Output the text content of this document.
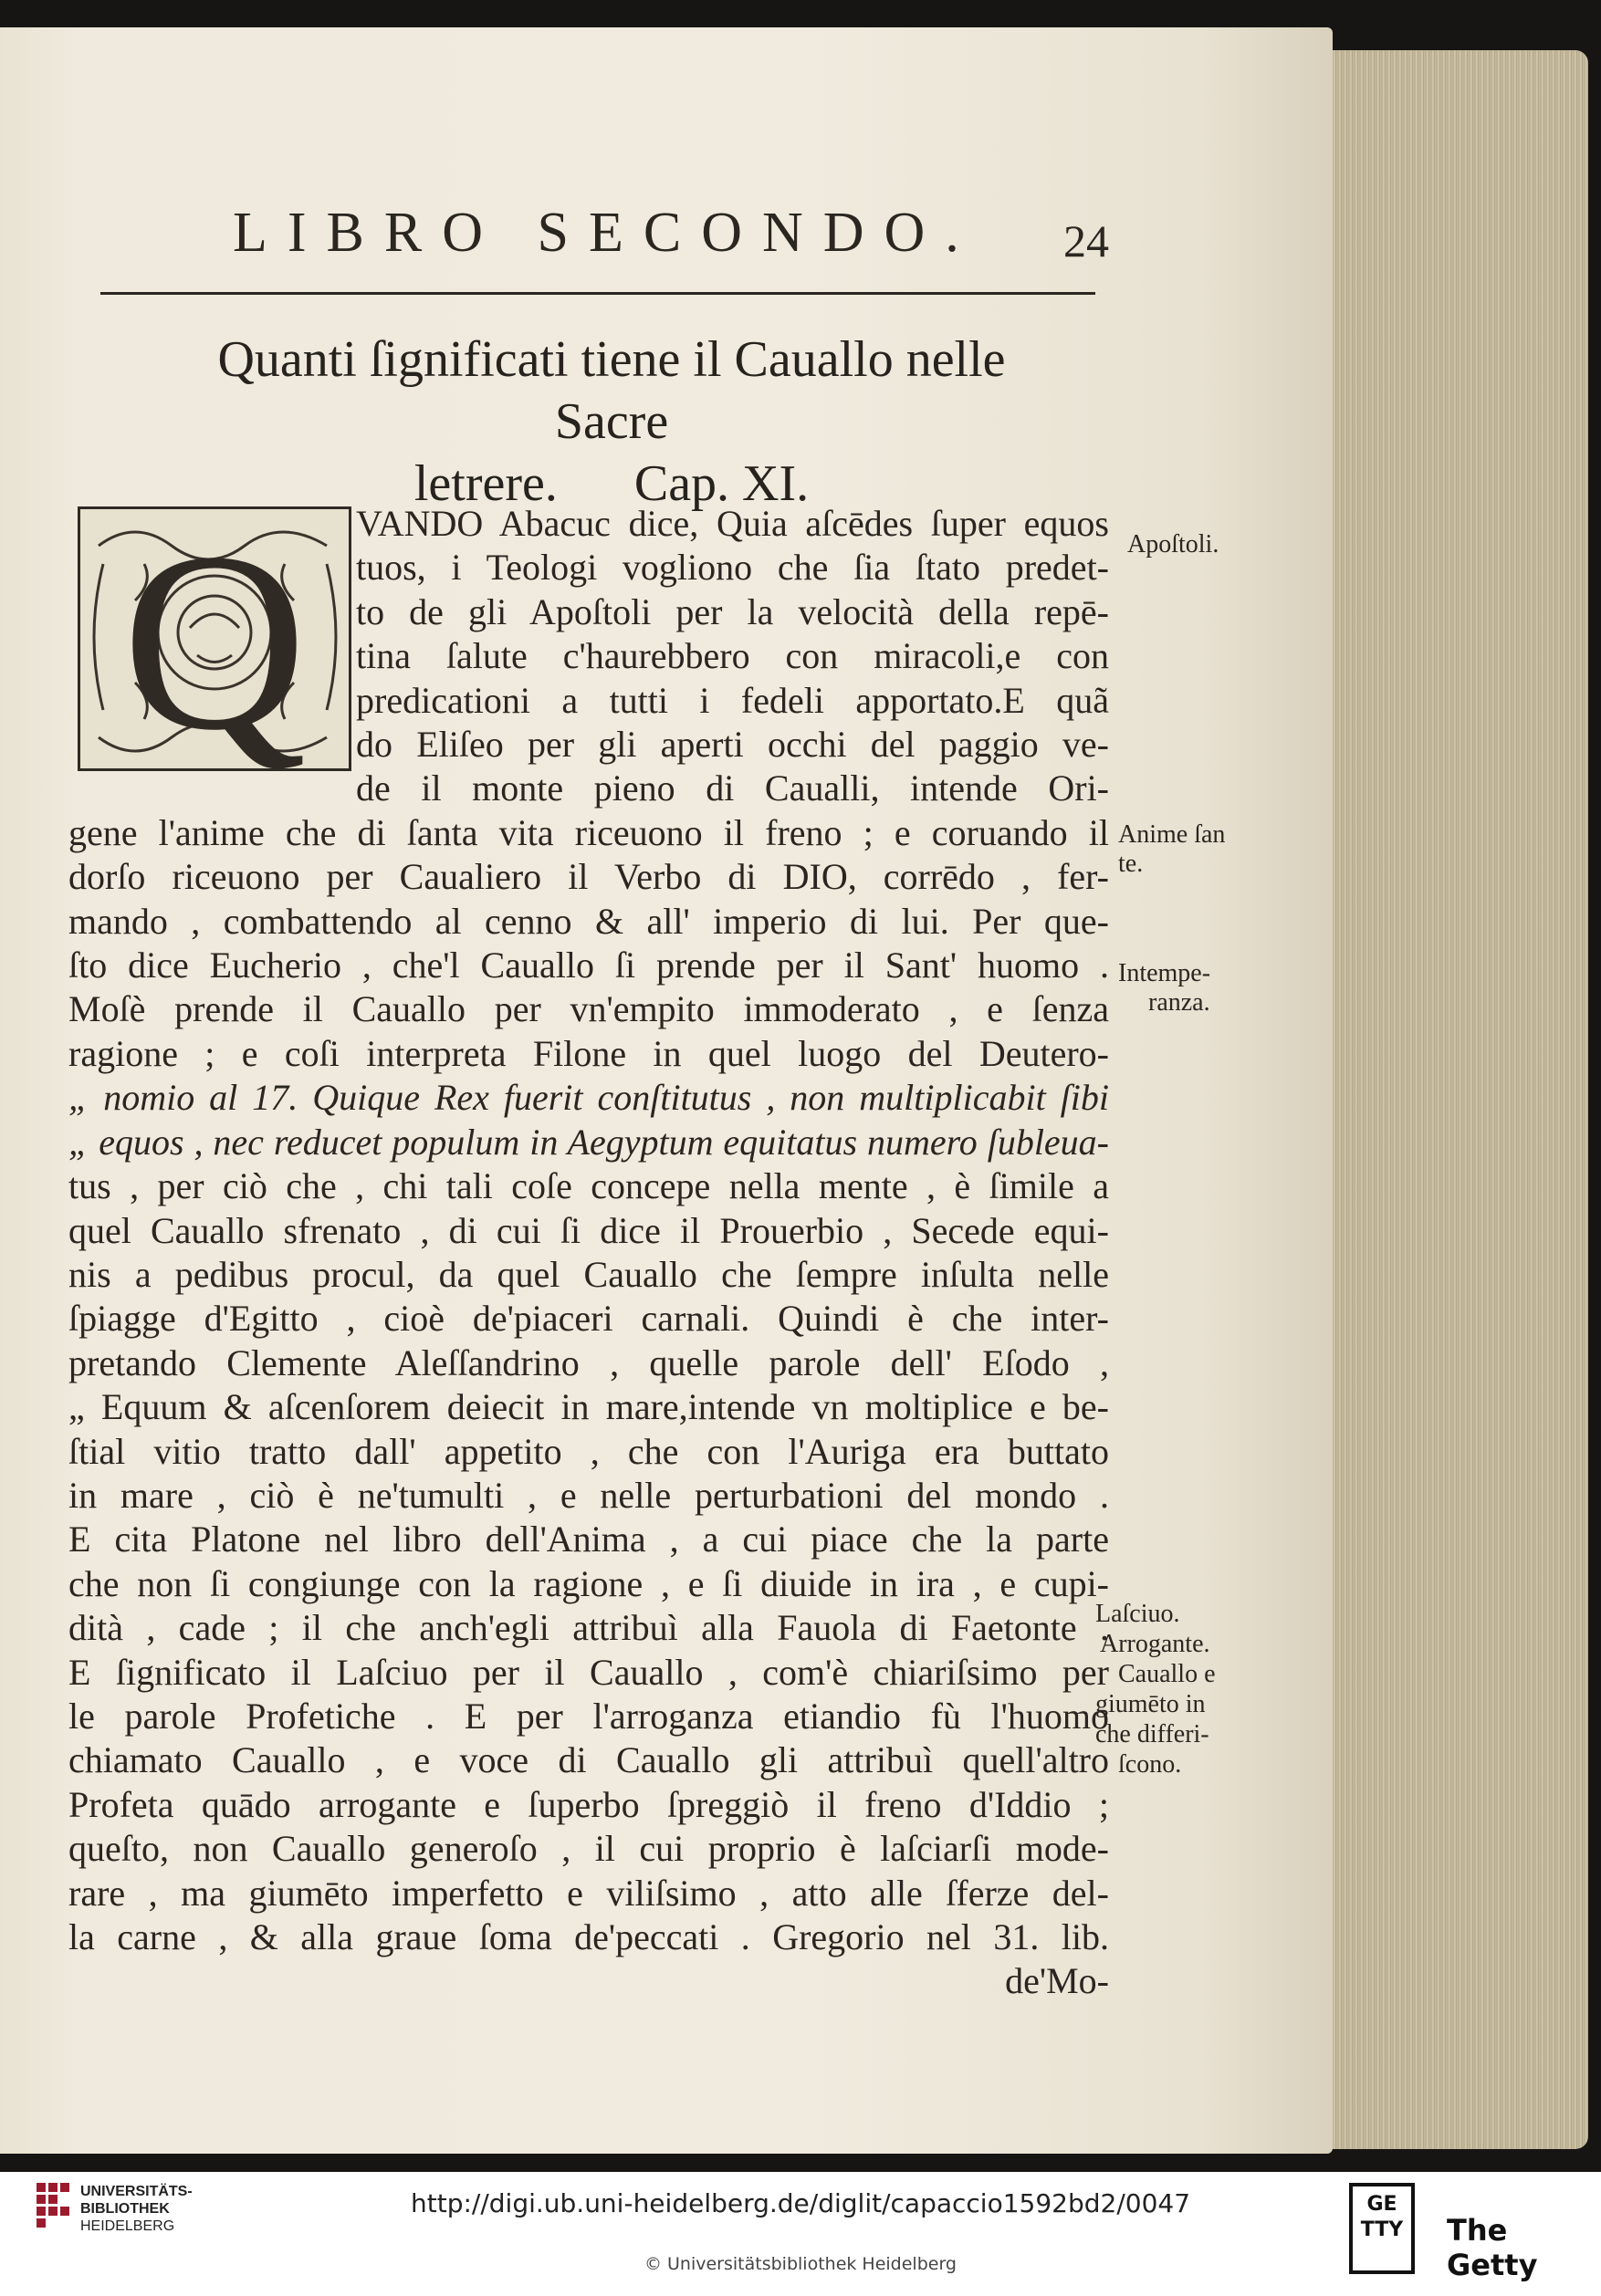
LIBRO SECONDO.	24
Quanti ſignificati tiene il Cauallo nelle Sacre
letrere.      Cap. XI.
Q	VANDO Abacuc dice, Quia aſcēdes ſuper equos
tuos, i Teologi vogliono che ſia ſtato predet-
to de gli Apoſtoli per la velocità della repē-
tina ſalute c'haurebbero con miracoli,e con
predicationi a tutti i fedeli apportato.E quã
do Eliſeo per gli aperti occhi del paggio ve-
de il monte pieno di Caualli, intende Ori-
gene l'anime che di ſanta vita riceuono il freno ; e coruando il
dorſo riceuono per Caualiero il Verbo di DIO, corrēdo , fer-
mando , combattendo al cenno & all' imperio di lui. Per que-
ſto dice Eucherio , che'l Cauallo ſi prende per il Sant' huomo .
Moſè prende il Cauallo per vn'empito immoderato , e ſenza
ragione ; e coſi interpreta Filone in quel luogo del Deutero-
„ nomio al 17. Quique Rex fuerit conſtitutus , non multiplicabit ſibi
„ equos , nec reducet populum in Aegyptum equitatus numero ſubleua-
tus , per ciò che , chi tali coſe concepe nella mente , è ſimile a
quel Cauallo sfrenato , di cui ſi dice il Prouerbio , Secede equi-
nis a pedibus procul, da quel Cauallo che ſempre inſulta nelle
ſpiagge d'Egitto , cioè de'piaceri carnali. Quindi è che inter-
pretando Clemente Aleſſandrino , quelle parole dell' Eſodo ,
„ Equum & aſcenſorem deiecit in mare,intende vn moltiplice e be-
ſtial vitio tratto dall' appetito , che con l'Auriga era buttato
in mare , ciò è ne'tumulti , e nelle perturbationi del mondo .
E cita Platone nel libro dell'Anima , a cui piace che la parte
che non ſi congiunge con la ragione , e ſi diuide in ira , e cupi-
dità , cade ; il che anch'egli attribuì alla Fauola di Faetonte .
E ſignificato il Laſciuo per il Cauallo , com'è chiariſsimo per
le parole Profetiche . E per l'arroganza etiandio fù l'huomo
chiamato Cauallo , e voce di Cauallo gli attribuì quell'altro
Profeta quādo arrogante e ſuperbo ſpreggiò il freno d'Iddio ;
queſto, non Cauallo generoſo , il cui proprio è laſciarſi mode-
rare , ma giumēto imperfetto e viliſsimo , atto alle ſferze del-
la carne , & alla graue ſoma de'peccati . Gregorio nel 31. lib.
de'Mo-
Apoſtoli.
Anime ſan
te.
Intempe-
ranza.
Laſciuo.
Arrogante.
Cauallo e
giumēto in
che differi-
ſcono.
UNIVERSITÄTS-
BIBLIOTHEK
HEIDELBERG
http://digi.ub.uni-heidelberg.de/diglit/capaccio1592bd2/0047
© Universitätsbibliothek Heidelberg
GE TTY	The Getty
